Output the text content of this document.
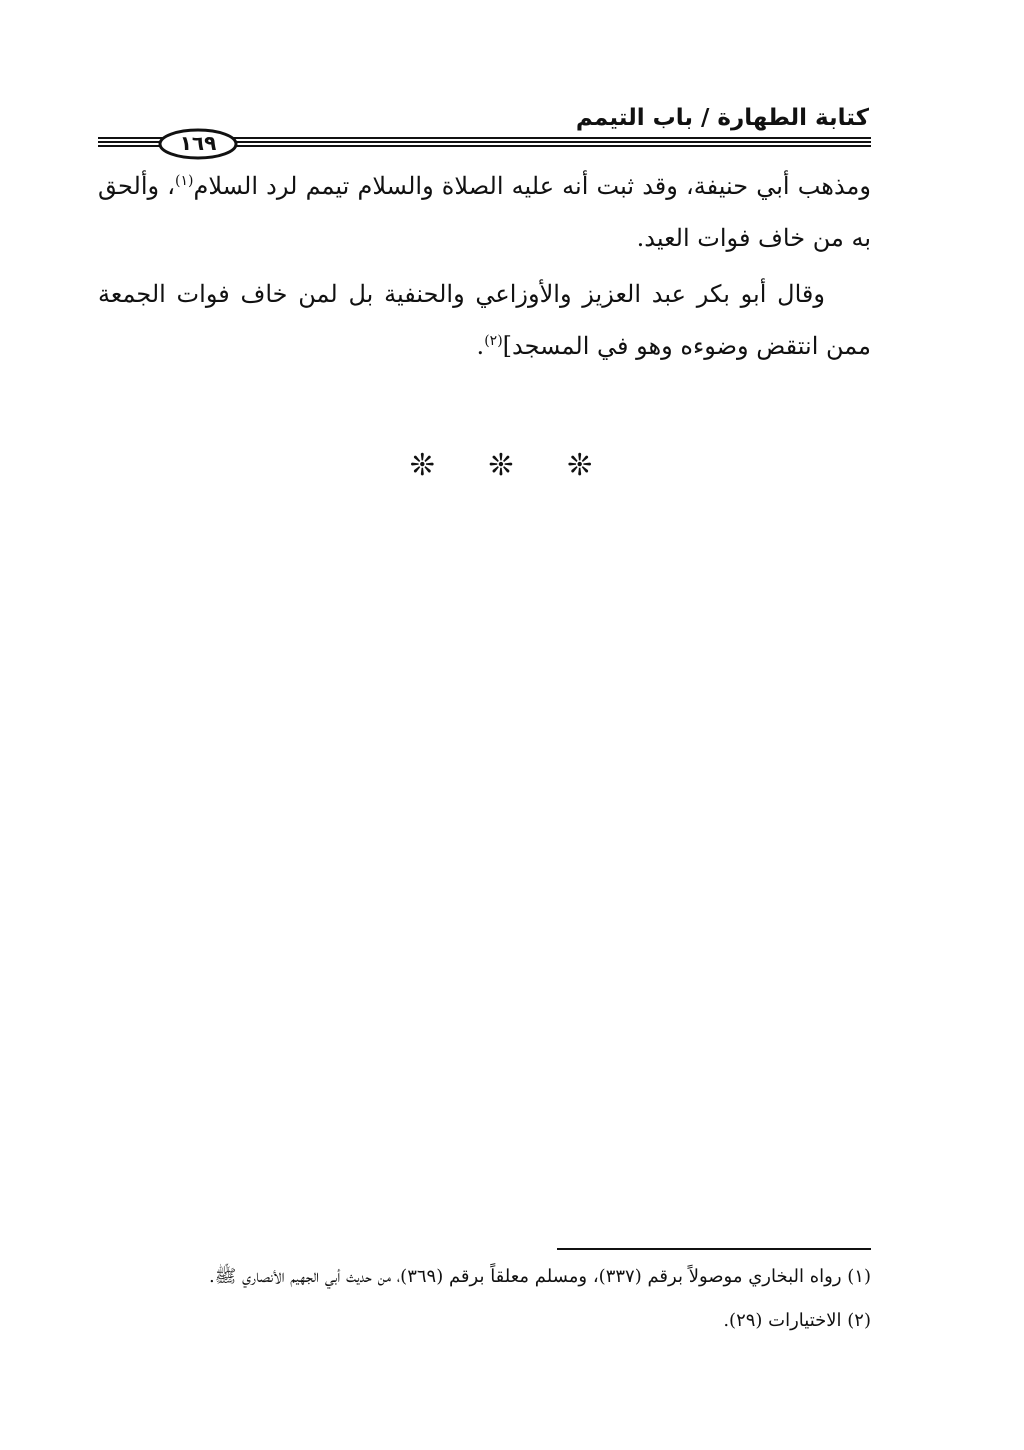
كتابة الطهارة / باب التيمم
١٦٩

ومذهب أبي حنيفة، وقد ثبت أنه عليه الصلاة والسلام تيمم لرد السلام$^{(١)}$، وألحق به من خاف فوات العيد.

وقال أبو بكر عبد العزيز والأوزاعي والحنفية بل لمن خاف فوات الجمعة ممن انتقض وضوءه وهو في المسجد]$^{(٢)}$.

❊ ❊ ❊

(١) رواه البخاري موصولاً برقم (٣٣٧)، ومسلم معلقاً برقم (٣٦٩)، من حديث أبي الجهيم الأنصاري ﷺ.

(٢) الاختيارات (٢٩).
